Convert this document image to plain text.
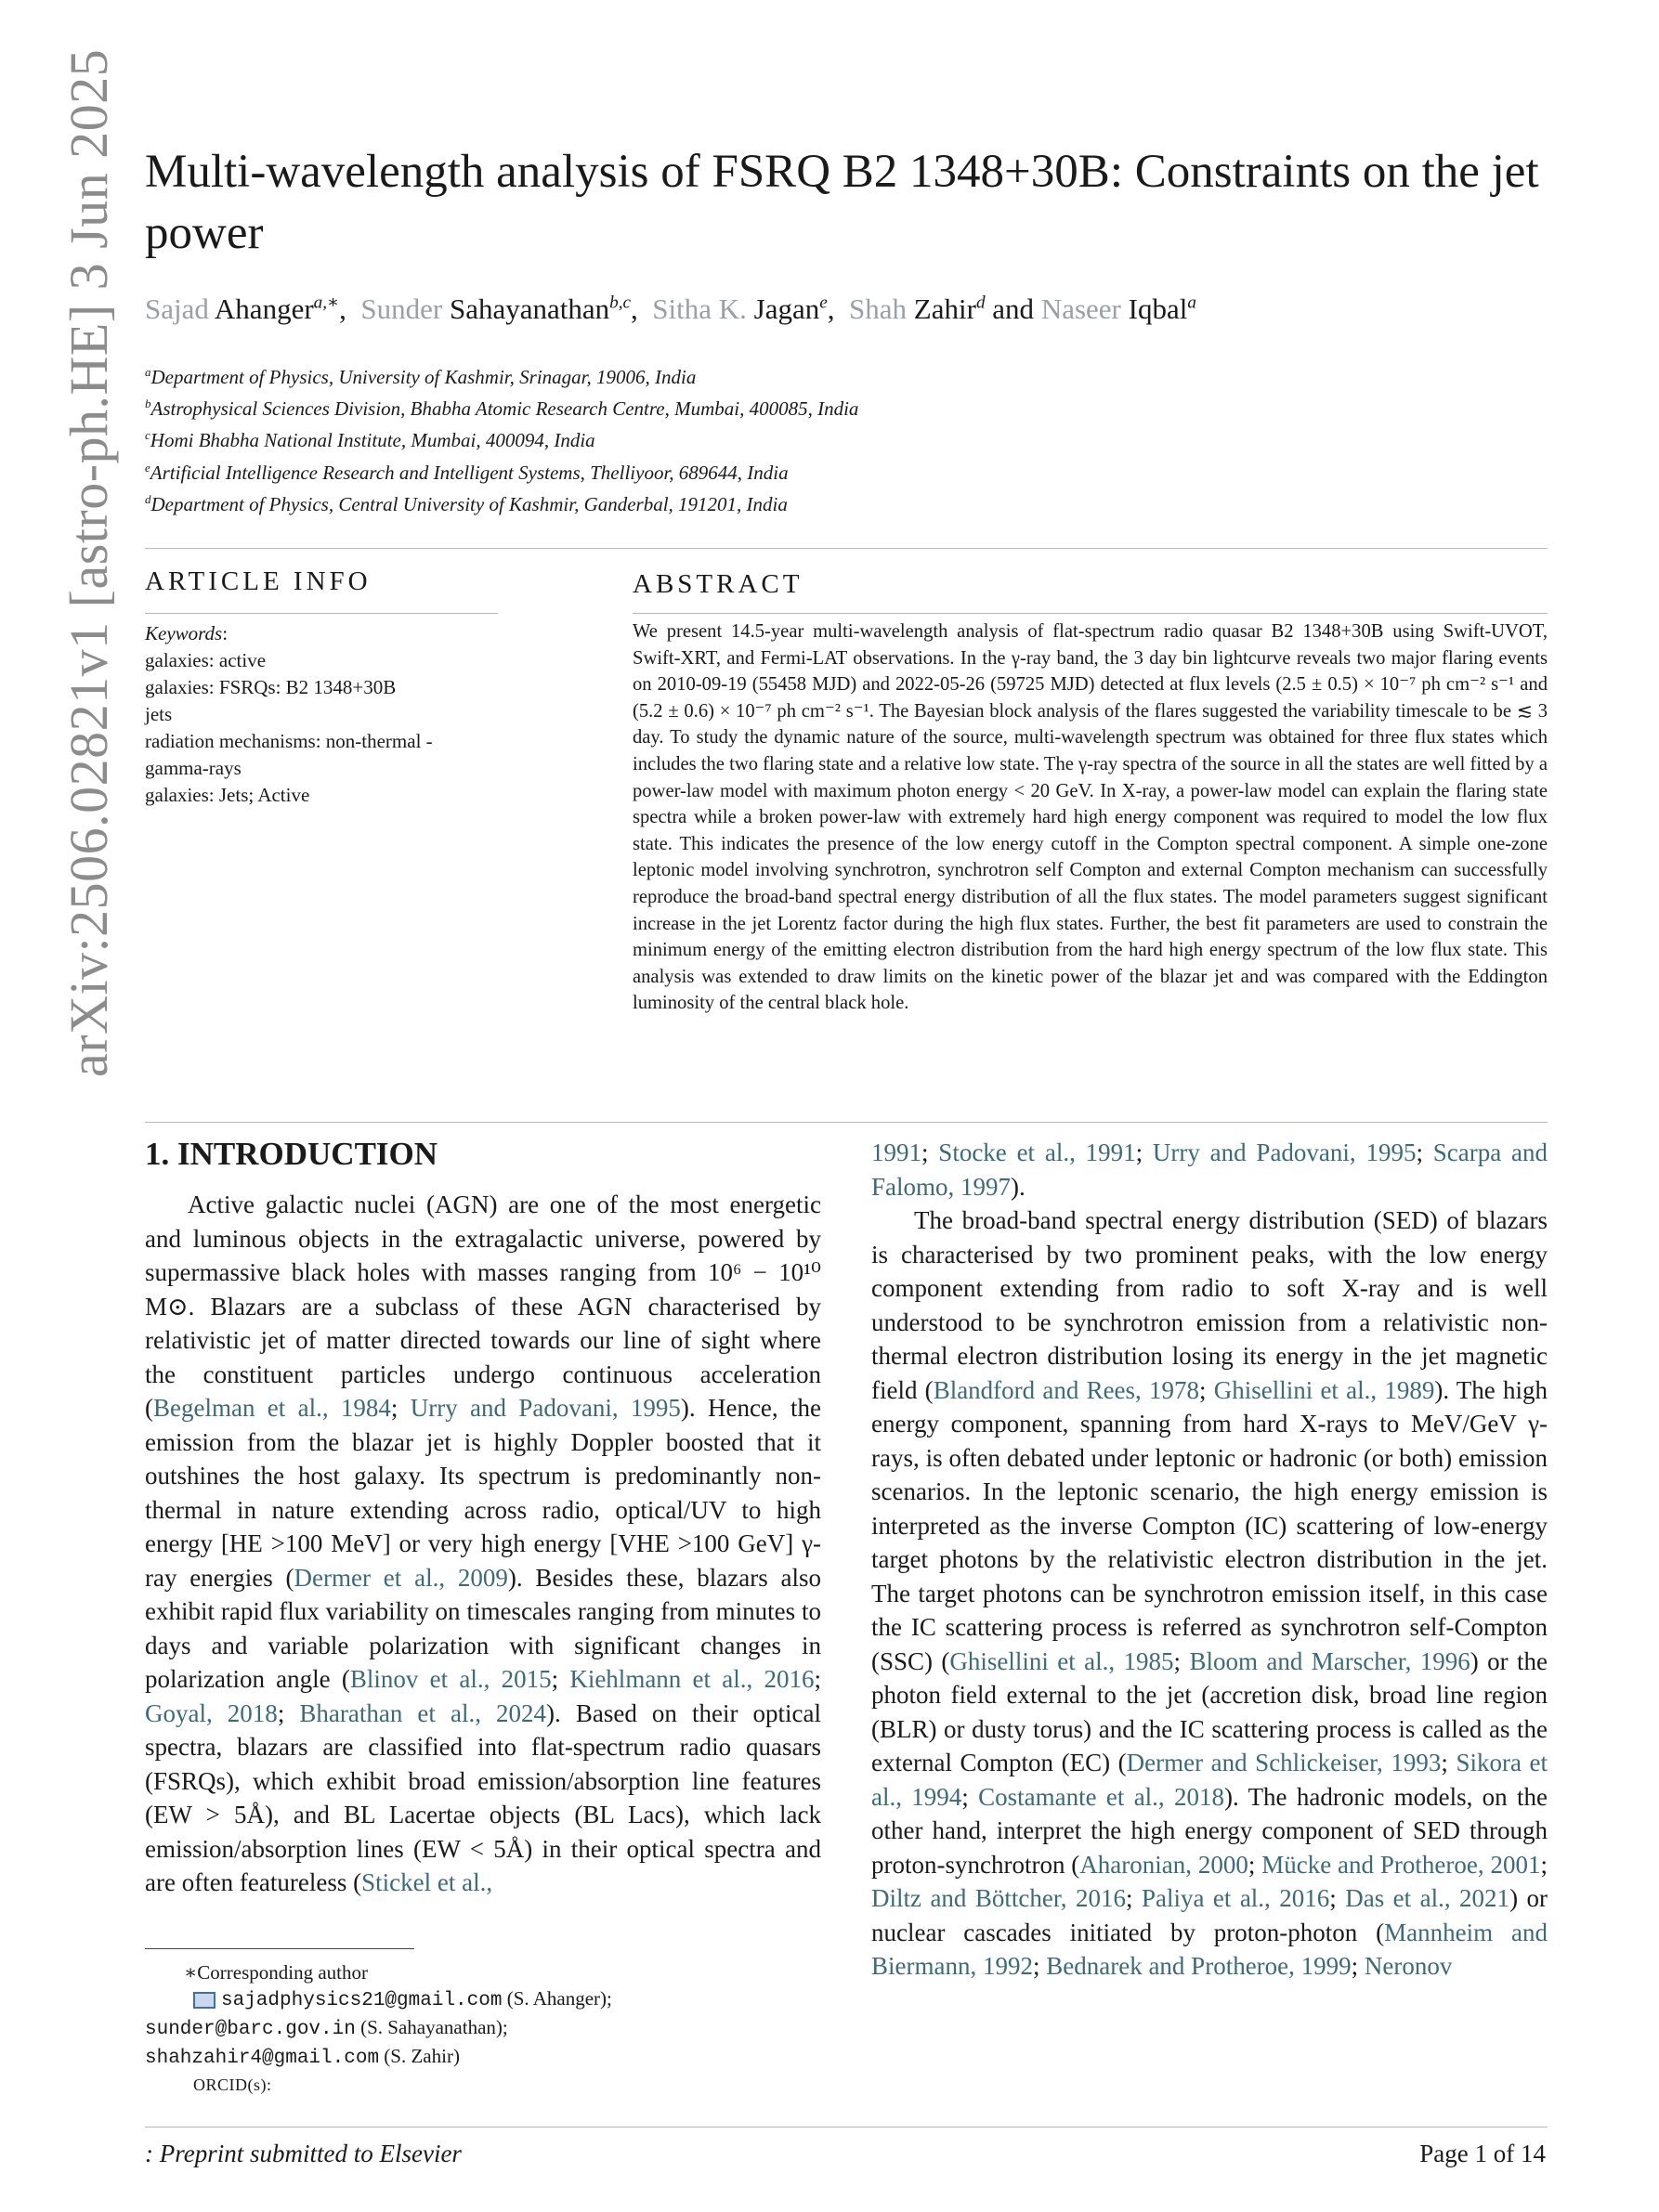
arXiv:2506.02821v1 [astro-ph.HE] 3 Jun 2025 Multi-wavelength analysis of FSRQ B2 1348+30B: Constraints on the jet power
Sajad Ahanger$^{a,∗}$,  Sunder Sahayanathan$^{b,c}$,  Sitha K. Jagan$^e$,  Shah Zahir$^d$ and Naseer Iqbal$^a$
$^a$Department of Physics, University of Kashmir, Srinagar, 19006, India
$^b$Astrophysical Sciences Division, Bhabha Atomic Research Centre, Mumbai, 400085, India
$^c$Homi Bhabha National Institute, Mumbai, 400094, India
$^e$Artificial Intelligence Research and Intelligent Systems, Thelliyoor, 689644, India
$^d$Department of Physics, Central University of Kashmir, Ganderbal, 191201, India
ARTICLE INFO	ABSTRACT
Keywords:
galaxies: active
galaxies: FSRQs: B2 1348+30B
jets
radiation mechanisms: non-thermal -
gamma-rays
galaxies: Jets; Active

We present 14.5-year multi-wavelength analysis of flat-spectrum radio quasar B2 1348+30B using Swift-UVOT, Swift-XRT, and Fermi-LAT observations. In the γ-ray band, the 3 day bin lightcurve reveals two major flaring events on 2010-09-19 (55458 MJD) and 2022-05-26 (59725 MJD) detected at flux levels (2.5 ± 0.5) × 10⁻⁷ ph cm⁻² s⁻¹ and (5.2 ± 0.6) × 10⁻⁷ ph cm⁻² s⁻¹. The Bayesian block analysis of the flares suggested the variability timescale to be ≲ 3 day. To study the dynamic nature of the source, multi-wavelength spectrum was obtained for three flux states which includes the two flaring state and a relative low state. The γ-ray spectra of the source in all the states are well fitted by a power-law model with maximum photon energy < 20 GeV. In X-ray, a power-law model can explain the flaring state spectra while a broken power-law with extremely hard high energy component was required to model the low flux state. This indicates the presence of the low energy cutoff in the Compton spectral component. A simple one-zone leptonic model involving synchrotron, synchrotron self Compton and external Compton mechanism can successfully reproduce the broad-band spectral energy distribution of all the flux states. The model parameters suggest significant increase in the jet Lorentz factor during the high flux states. Further, the best fit parameters are used to constrain the minimum energy of the emitting electron distribution from the hard high energy spectrum of the low flux state. This analysis was extended to draw limits on the kinetic power of the blazar jet and was compared with the Eddington luminosity of the central black hole.

1. INTRODUCTION

Active galactic nuclei (AGN) are one of the most energetic and luminous objects in the extragalactic universe, powered by supermassive black holes with masses ranging from 10⁶ − 10¹⁰ M⊙. Blazars are a subclass of these AGN characterised by relativistic jet of matter directed towards our line of sight where the constituent particles undergo continuous acceleration (Begelman et al., 1984; Urry and Padovani, 1995). Hence, the emission from the blazar jet is highly Doppler boosted that it outshines the host galaxy. Its spectrum is predominantly non-thermal in nature extending across radio, optical/UV to high energy [HE >100 MeV] or very high energy [VHE >100 GeV] γ-ray energies (Dermer et al., 2009). Besides these, blazars also exhibit rapid flux variability on timescales ranging from minutes to days and variable polarization with significant changes in polarization angle (Blinov et al., 2015; Kiehlmann et al., 2016; Goyal, 2018; Bharathan et al., 2024). Based on their optical spectra, blazars are classified into flat-spectrum radio quasars (FSRQs), which exhibit broad emission/absorption line features (EW > 5Å), and BL Lacertae objects (BL Lacs), which lack emission/absorption lines (EW < 5Å) in their optical spectra and are often featureless (Stickel et al.,

1991; Stocke et al., 1991; Urry and Padovani, 1995; Scarpa and Falomo, 1997).

The broad-band spectral energy distribution (SED) of blazars is characterised by two prominent peaks, with the low energy component extending from radio to soft X-ray and is well understood to be synchrotron emission from a relativistic non-thermal electron distribution losing its energy in the jet magnetic field (Blandford and Rees, 1978; Ghisellini et al., 1989). The high energy component, spanning from hard X-rays to MeV/GeV γ-rays, is often debated under leptonic or hadronic (or both) emission scenarios. In the leptonic scenario, the high energy emission is interpreted as the inverse Compton (IC) scattering of low-energy target photons by the relativistic electron distribution in the jet. The target photons can be synchrotron emission itself, in this case the IC scattering process is referred as synchrotron self-Compton (SSC) (Ghisellini et al., 1985; Bloom and Marscher, 1996) or the photon field external to the jet (accretion disk, broad line region (BLR) or dusty torus) and the IC scattering process is called as the external Compton (EC) (Dermer and Schlickeiser, 1993; Sikora et al., 1994; Costamante et al., 2018). The hadronic models, on the other hand, interpret the high energy component of SED through proton-synchrotron (Aharonian, 2000; Mücke and Protheroe, 2001; Diltz and Böttcher, 2016; Paliya et al., 2016; Das et al., 2021) or nuclear cascades initiated by proton-photon (Mannheim and Biermann, 1992; Bednarek and Protheroe, 1999; Neronov

∗Corresponding author
sajadphysics21@gmail.com (S. Ahanger);
sunder@barc.gov.in (S. Sahayanathan);
shahzahir4@gmail.com (S. Zahir)
ORCID(s):
: Preprint submitted to Elsevier	Page 1 of 14
